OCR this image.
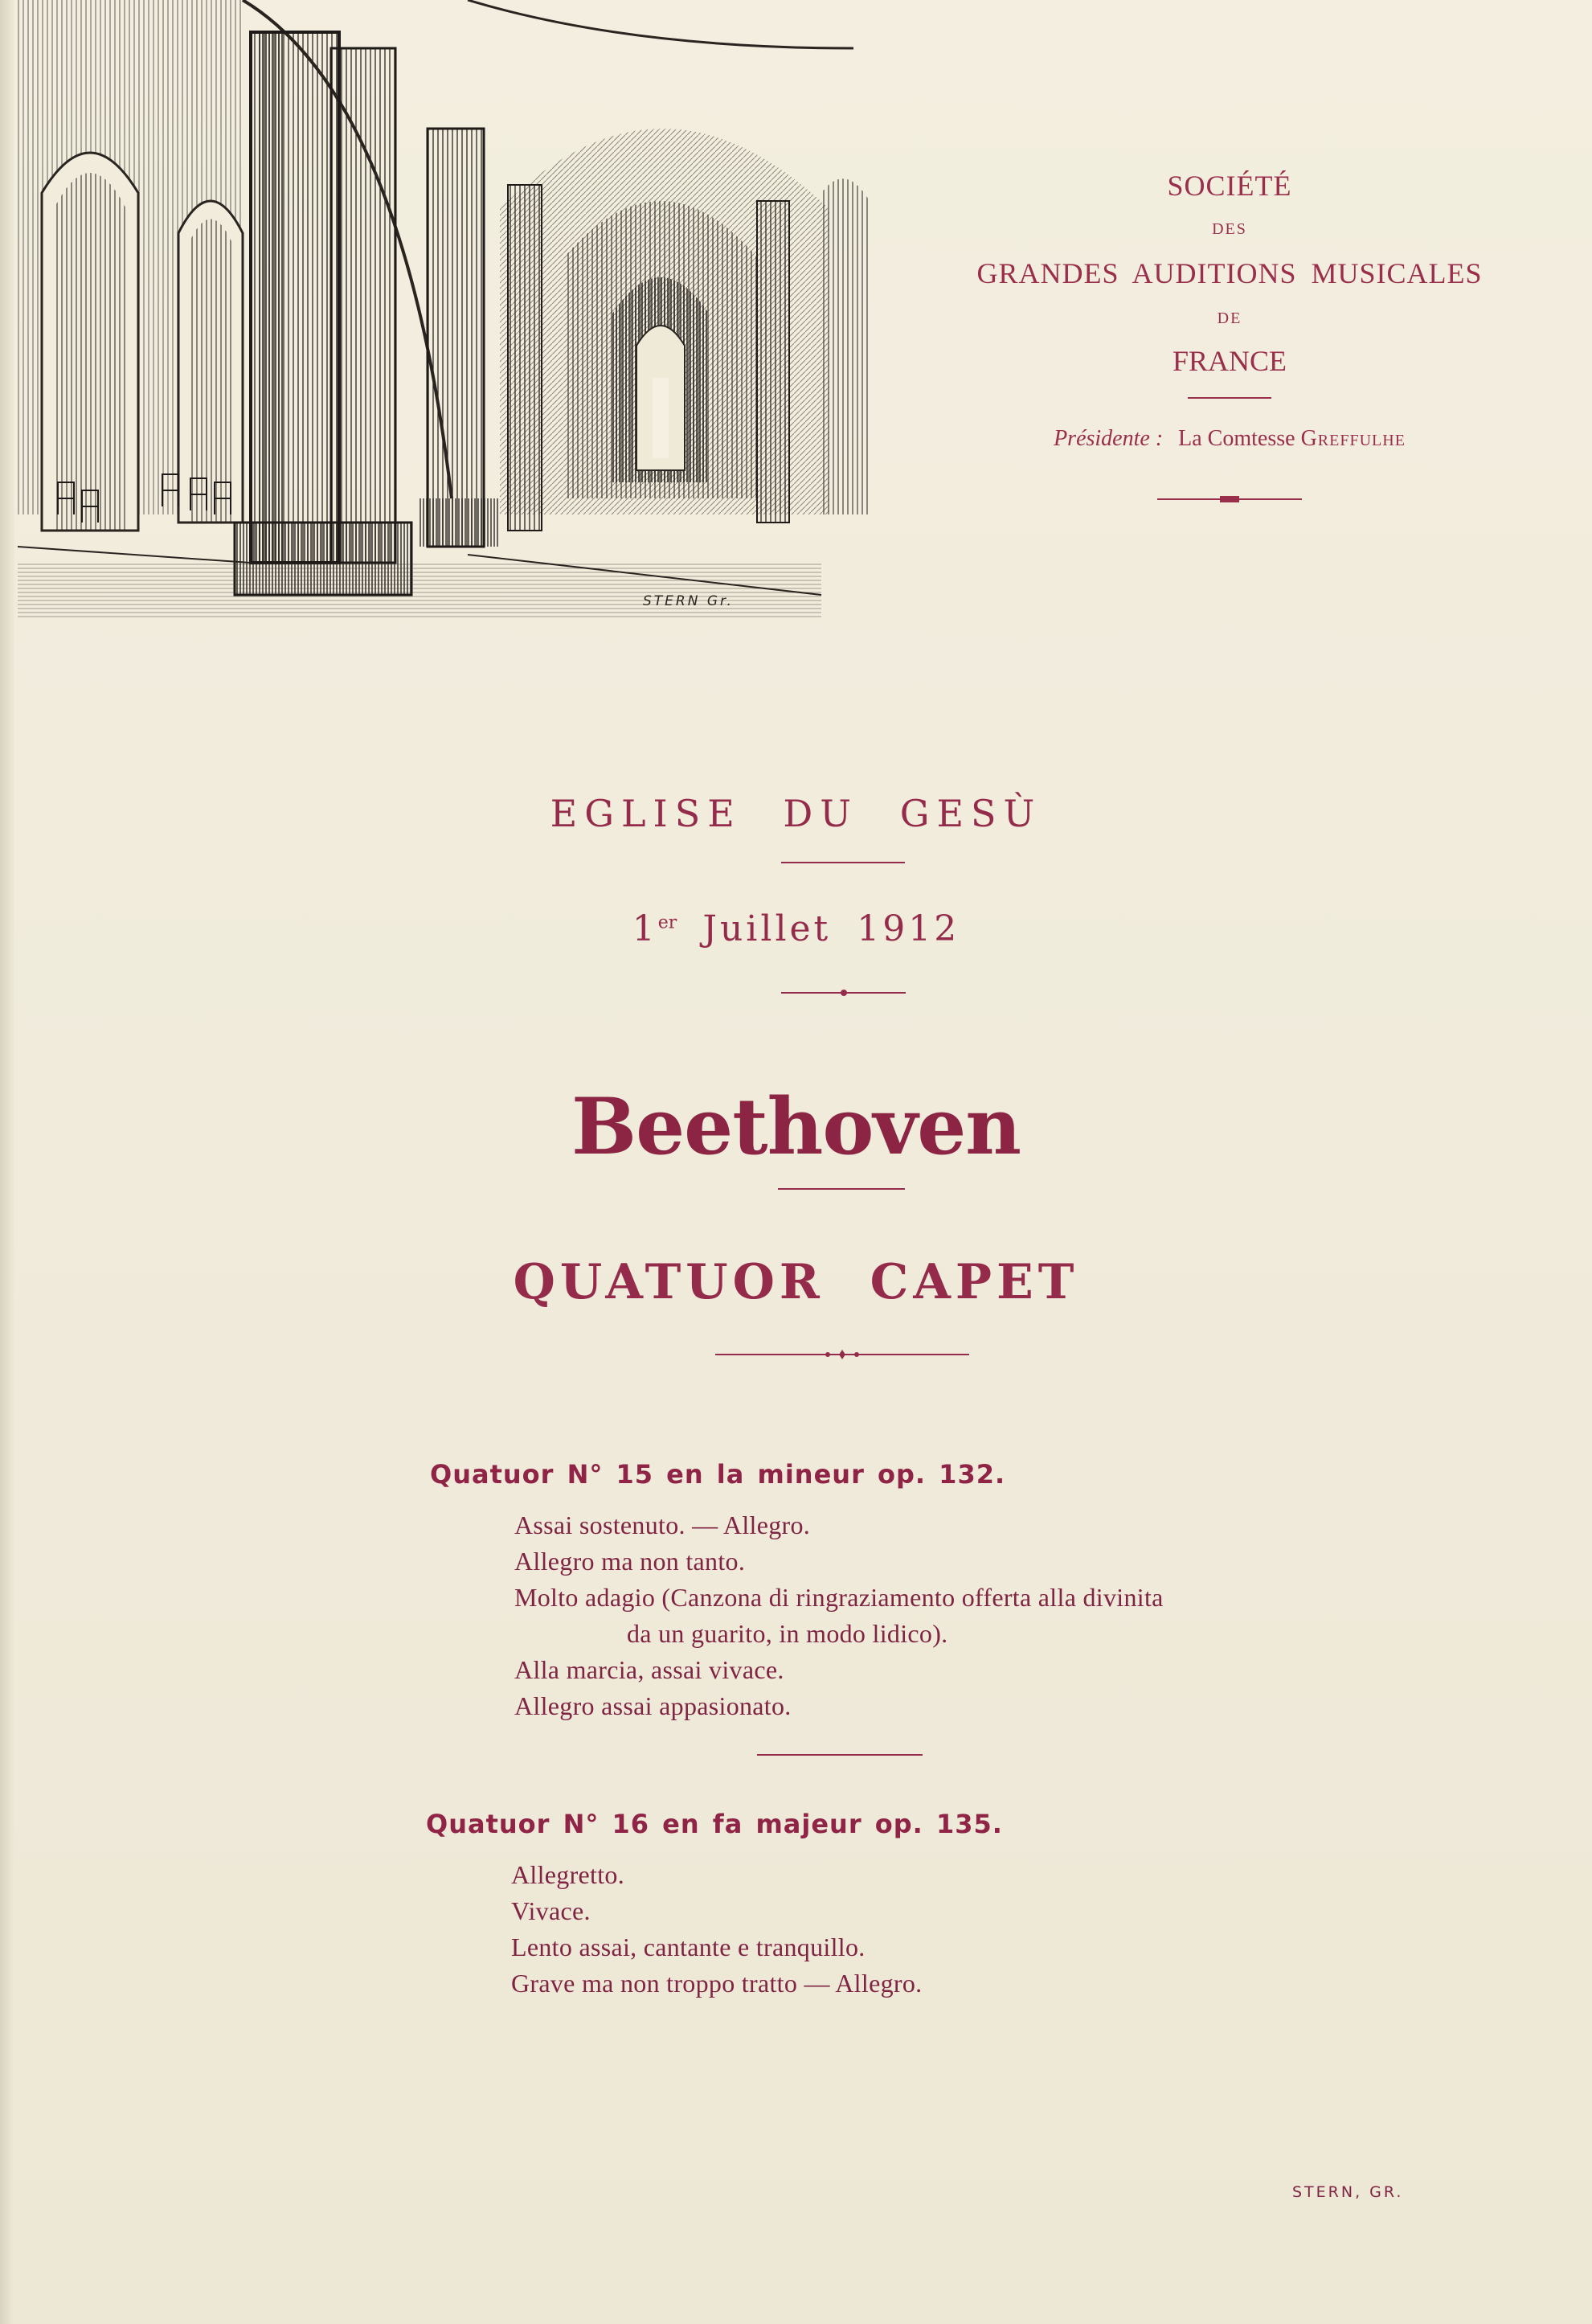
STERN Gr.
SOCIÉTÉ
DES
GRANDES AUDITIONS MUSICALES
DE
FRANCE
Présidente : La Comtesse Greffulhe
EGLISE DU GESÙ
1er Juillet 1912
Beethoven
QUATUOR CAPET
Quatuor N° 15 en la mineur op. 132.
Assai sostenuto. — Allegro.
Allegro ma non tanto.
Molto adagio (Canzona di ringraziamento offerta alla divinita
da un guarito, in modo lidico).
Alla marcia, assai vivace.
Allegro assai appasionato.
Quatuor N° 16 en fa majeur op. 135.
Allegretto.
Vivace.
Lento assai, cantante e tranquillo.
Grave ma non troppo tratto — Allegro.
STERN, GR.
